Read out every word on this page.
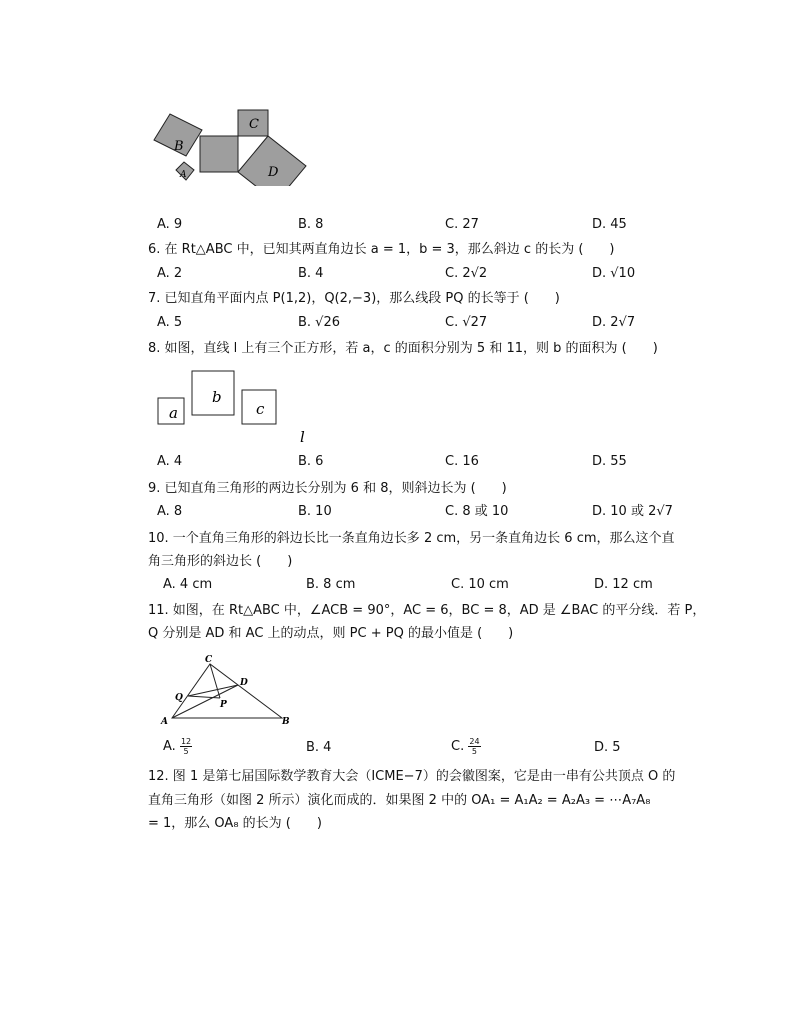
B
A
C
D
A. 9	B. 8	C. 27	D. 45
6. 在 Rt△ABC 中，已知其两直角边长 a = 1，b = 3，那么斜边 c 的长为 (　　)
A. 2	B. 4	C. 2√2	D. √10
7. 已知直角平面内点 P(1,2)，Q(2,−3)，那么线段 PQ 的长等于 (　　)
A. 5	B. √26	C. √27	D. 2√7
8. 如图，直线 l 上有三个正方形，若 a，c 的面积分别为 5 和 11，则 b 的面积为 (　　)
a
b
c
l
A. 4	B. 6	C. 16	D. 55
9. 已知直角三角形的两边长分别为 6 和 8，则斜边长为 (　　)
A. 8	B. 10	C. 8 或 10	D. 10 或 2√7
10. 一个直角三角形的斜边长比一条直角边长多 2 cm，另一条直角边长 6 cm，那么这个直
角三角形的斜边长 (　　)
A. 4 cm	B. 8 cm	C. 10 cm	D. 12 cm
11. 如图，在 Rt△ABC 中，∠ACB = 90°，AC = 6，BC = 8，AD 是 ∠BAC 的平分线．若 P，
Q 分别是 AD 和 AC 上的动点，则 PC + PQ 的最小值是 (　　)
C
D
Q
P
A	B
A. $\frac{12}{5}$	B. 4	C. $\frac{24}{5}$	D. 5
12. 图 1 是第七届国际数学教育大会（ICME−7）的会徽图案，它是由一串有公共顶点 O 的
直角三角形（如图 2 所示）演化而成的．如果图 2 中的 OA₁ = A₁A₂ = A₂A₃ = ⋯A₇A₈
= 1，那么 OA₈ 的长为 (　　)
